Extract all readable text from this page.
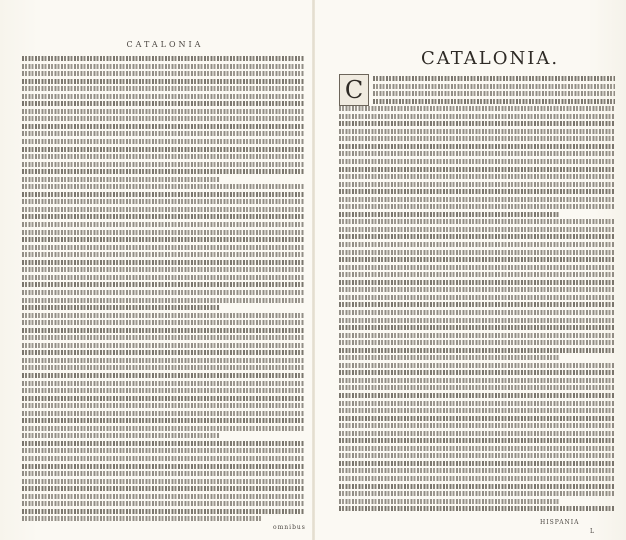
CATALONIA
CATALONIA.
C
omnibus
HISPANIA
L
